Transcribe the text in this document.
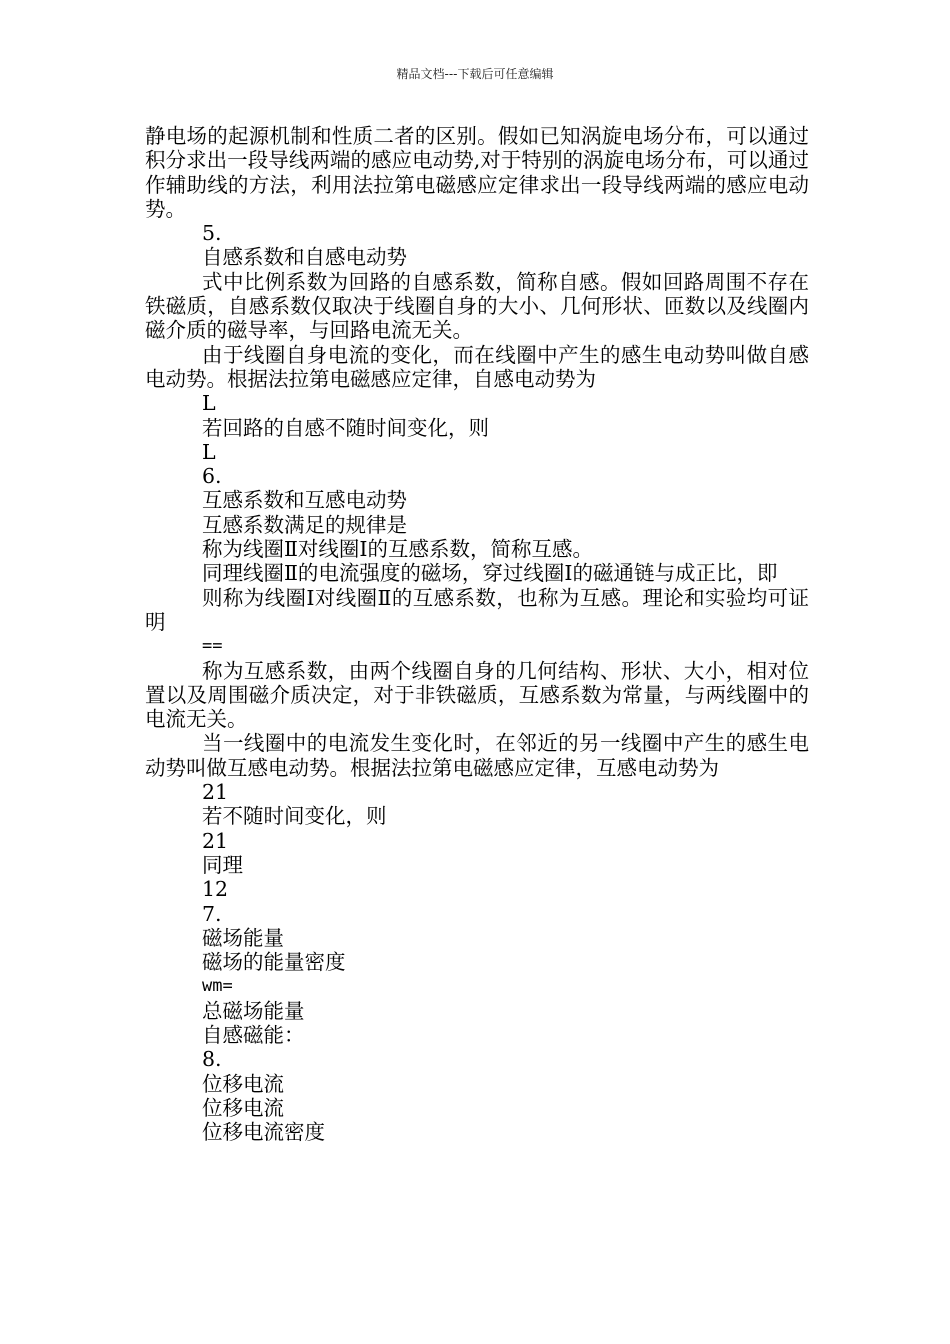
精品文档---下载后可任意编辑

静电场的起源机制和性质二者的区别。假如已知涡旋电场分布，可以通过积分求出一段导线两端的感应电动势,对于特别的涡旋电场分布，可以通过作辅助线的方法，利用法拉第电磁感应定律求出一段导线两端的感应电动势。

5.

自感系数和自感电动势

式中比例系数为回路的自感系数，简称自感。假如回路周围不存在铁磁质，自感系数仅取决于线圈自身的大小、几何形状、匝数以及线圈内磁介质的磁导率，与回路电流无关。

由于线圈自身电流的变化，而在线圈中产生的感生电动势叫做自感电动势。根据法拉第电磁感应定律，自感电动势为

L

若回路的自感不随时间变化，则

L

6.

互感系数和互感电动势

互感系数满足的规律是

称为线圈Ⅱ对线圈Ⅰ的互感系数，简称互感。

同理线圈Ⅱ的电流强度的磁场，穿过线圈Ⅰ的磁通链与成正比，即

则称为线圈Ⅰ对线圈Ⅱ的互感系数，也称为互感。理论和实验均可证明

==

称为互感系数，由两个线圈自身的几何结构、形状、大小，相对位置以及周围磁介质决定，对于非铁磁质，互感系数为常量，与两线圈中的电流无关。

当一线圈中的电流发生变化时，在邻近的另一线圈中产生的感生电动势叫做互感电动势。根据法拉第电磁感应定律，互感电动势为

21

若不随时间变化，则

21

同理

12

7.

磁场能量

磁场的能量密度

wm=

总磁场能量

自感磁能：

8.

位移电流

位移电流

位移电流密度
